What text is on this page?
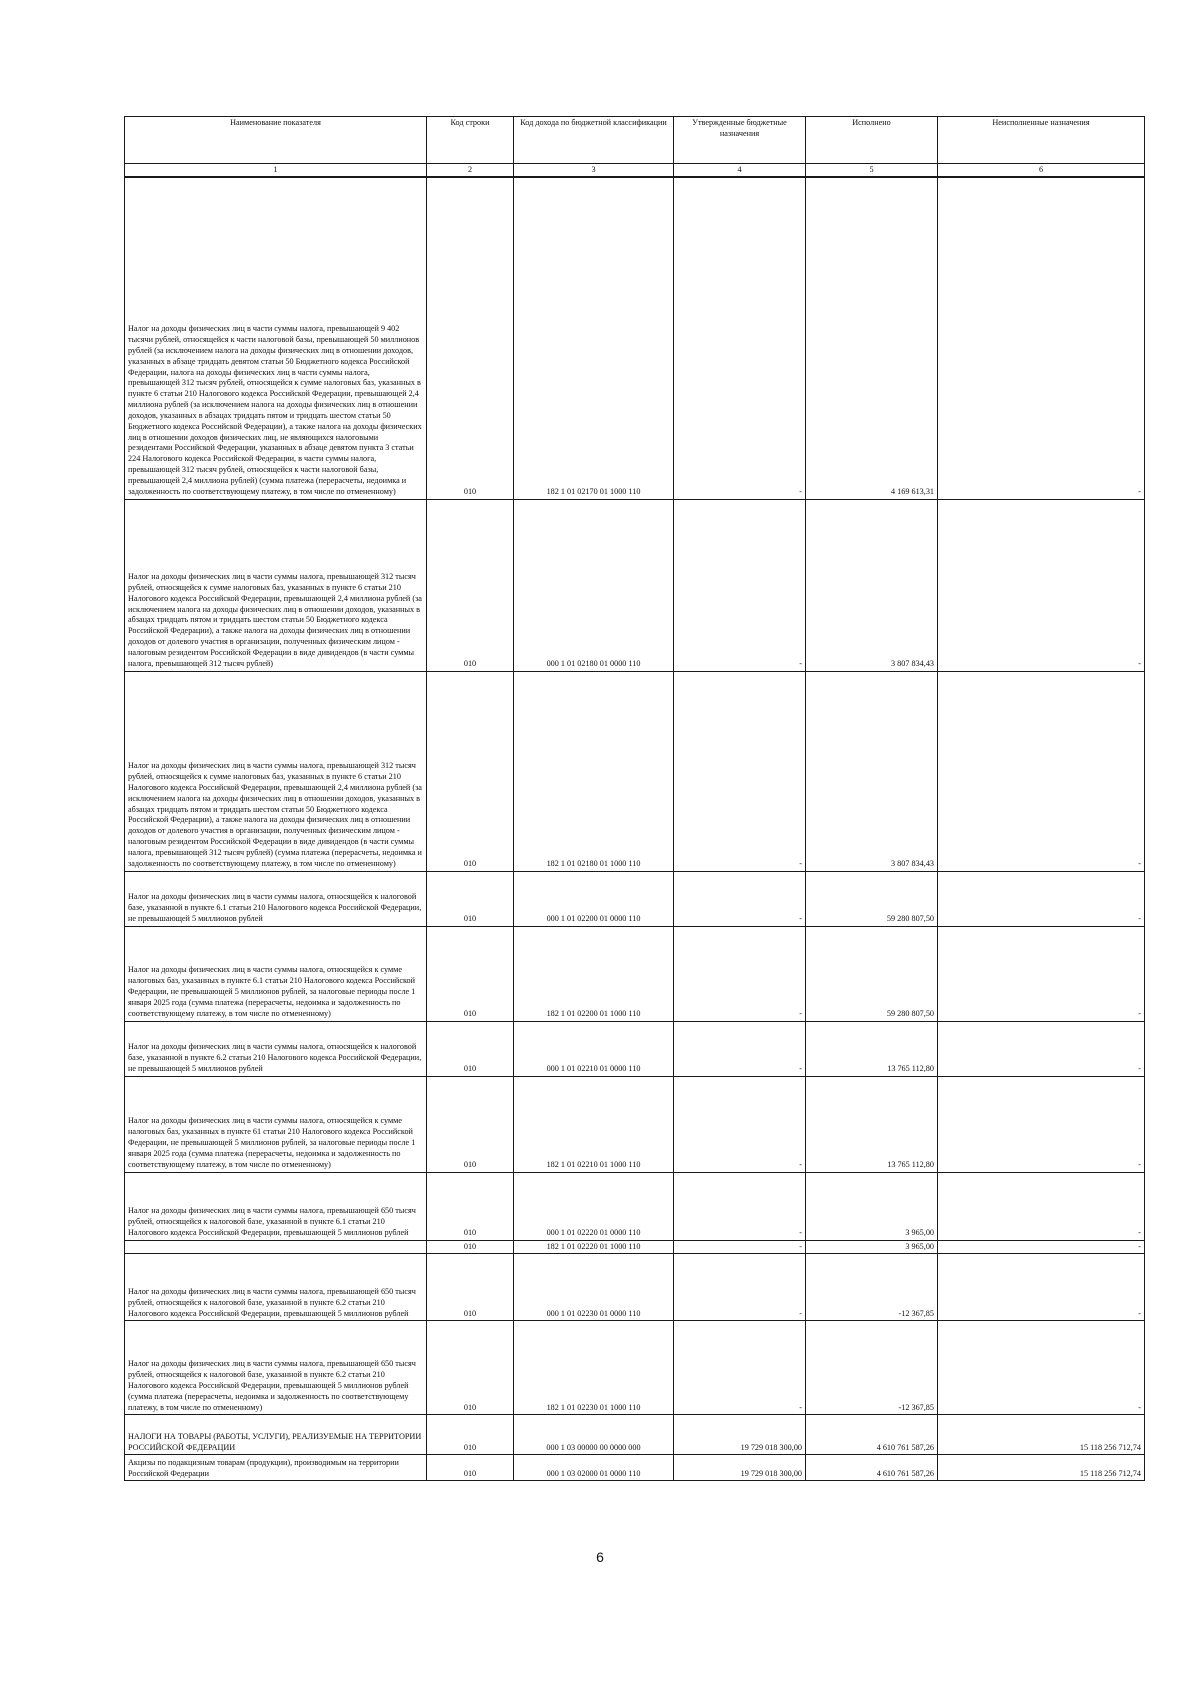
Наименование показателя	Код строки	Код дохода по бюджетной классификации	Утвержденные бюджетные назначения	Исполнено	Неисполненные назначения
1	2	3	4	5	6
Налог на доходы физических лиц в части суммы налога, превышающей 9 402 тысячи рублей, относящейся к части налоговой базы, превышающей 50 миллионов рублей (за исключением налога на доходы физических лиц в отношении доходов, указанных в абзаце тридцать девятом статьи 50 Бюджетного кодекса Российской Федерации, налога на доходы физических лиц в части суммы налога, превышающей 312 тысяч рублей, относящейся к сумме налоговых баз, указанных в пункте 6 статьи 210 Налогового кодекса Российской Федерации, превышающей 2,4 миллиона рублей (за исключением налога на доходы физических лиц в отношении доходов, указанных в абзацах тридцать пятом и тридцать шестом статьи 50 Бюджетного кодекса Российской Федерации), а также налога на доходы физических лиц в отношении доходов физических лиц, не являющихся налоговыми резидентами Российской Федерации, указанных в абзаце девятом пункта 3 статьи 224 Налогового кодекса Российской Федерации, в части суммы налога, превышающей 312 тысяч рублей, относящейся к части налоговой базы, превышающей 2,4 миллиона рублей) (сумма платежа (перерасчеты, недоимка и задолженность по соответствующему платежу, в том числе по отмененному)	010	182 1 01 02170 01 1000 110	-	4 169 613,31	-
Налог на доходы физических лиц в части суммы налога, превышающей 312 тысяч рублей, относящейся к сумме налоговых баз, указанных в пункте 6 статьи 210 Налогового кодекса Российской Федерации, превышающей 2,4 миллиона рублей (за исключением налога на доходы физических лиц в отношении доходов, указанных в абзацах тридцать пятом и тридцать шестом статьи 50 Бюджетного кодекса Российской Федерации), а также налога на доходы физических лиц в отношении доходов от долевого участия в организации, полученных физическим лицом - налоговым резидентом Российской Федерации в виде дивидендов (в части суммы налога, превышающей 312 тысяч рублей)	010	000 1 01 02180 01 0000 110	-	3 807 834,43	-
Налог на доходы физических лиц в части суммы налога, превышающей 312 тысяч рублей, относящейся к сумме налоговых баз, указанных в пункте 6 статьи 210 Налогового кодекса Российской Федерации, превышающей 2,4 миллиона рублей (за исключением налога на доходы физических лиц в отношении доходов, указанных в абзацах тридцать пятом и тридцать шестом статьи 50 Бюджетного кодекса Российской Федерации), а также налога на доходы физических лиц в отношении доходов от долевого участия в организации, полученных физическим лицом - налоговым резидентом Российской Федерации в виде дивидендов (в части суммы налога, превышающей 312 тысяч рублей) (сумма платежа (перерасчеты, недоимка и задолженность по соответствующему платежу, в том числе по отмененному)	010	182 1 01 02180 01 1000 110	-	3 807 834,43	-
Налог на доходы физических лиц в части суммы налога, относящейся к налоговой базе, указанной в пункте 6.1 статьи 210 Налогового кодекса Российской Федерации, не превышающей 5 миллионов рублей	010	000 1 01 02200 01 0000 110	-	59 280 807,50	-
Налог на доходы физических лиц в части суммы налога, относящейся к сумме налоговых баз, указанных в пункте 6.1 статьи 210 Налогового кодекса Российской Федерации, не превышающей 5 миллионов рублей, за налоговые периоды после 1 января 2025 года (сумма платежа (перерасчеты, недоимка и задолженность по соответствующему платежу, в том числе по отмененному)	010	182 1 01 02200 01 1000 110	-	59 280 807,50	-
Налог на доходы физических лиц в части суммы налога, относящейся к налоговой базе, указанной в пункте 6.2 статьи 210 Налогового кодекса Российской Федерации, не превышающей 5 миллионов рублей	010	000 1 01 02210 01 0000 110	-	13 765 112,80	-
Налог на доходы физических лиц в части суммы налога, относящейся к сумме налоговых баз, указанных в пункте 61 статьи 210 Налогового кодекса Российской Федерации, не превышающей 5 миллионов рублей, за налоговые периоды после 1 января 2025 года (сумма платежа (перерасчеты, недоимка и задолженность по соответствующему платежу, в том числе по отмененному)	010	182 1 01 02210 01 1000 110	-	13 765 112,80	-
Налог на доходы физических лиц в части суммы налога, превышающей 650 тысяч рублей, относящейся к налоговой базе, указанной в пункте 6.1 статьи 210 Налогового кодекса Российской Федерации, превышающей 5 миллионов рублей	010	000 1 01 02220 01 0000 110	-	3 965,00	-
	010	182 1 01 02220 01 1000 110	-	3 965,00	-
Налог на доходы физических лиц в части суммы налога, превышающей 650 тысяч рублей, относящейся к налоговой базе, указанной в пункте 6.2 статьи 210 Налогового кодекса Российской Федерации, превышающей 5 миллионов рублей	010	000 1 01 02230 01 0000 110	-	-12 367,85	-
Налог на доходы физических лиц в части суммы налога, превышающей 650 тысяч рублей, относящейся к налоговой базе, указанной в пункте 6.2 статьи 210 Налогового кодекса Российской Федерации, превышающей 5 миллионов рублей (сумма платежа (перерасчеты, недоимка и задолженность по соответствующему платежу, в том числе по отмененному)	010	182 1 01 02230 01 1000 110	-	-12 367,85	-
НАЛОГИ НА ТОВАРЫ (РАБОТЫ, УСЛУГИ), РЕАЛИЗУЕМЫЕ НА ТЕРРИТОРИИ РОССИЙСКОЙ ФЕДЕРАЦИИ	010	000 1 03 00000 00 0000 000	19 729 018 300,00	4 610 761 587,26	15 118 256 712,74
Акцизы по подакцизным товарам (продукции), производимым на территории Российской Федерации	010	000 1 03 02000 01 0000 110	19 729 018 300,00	4 610 761 587,26	15 118 256 712,74
6
